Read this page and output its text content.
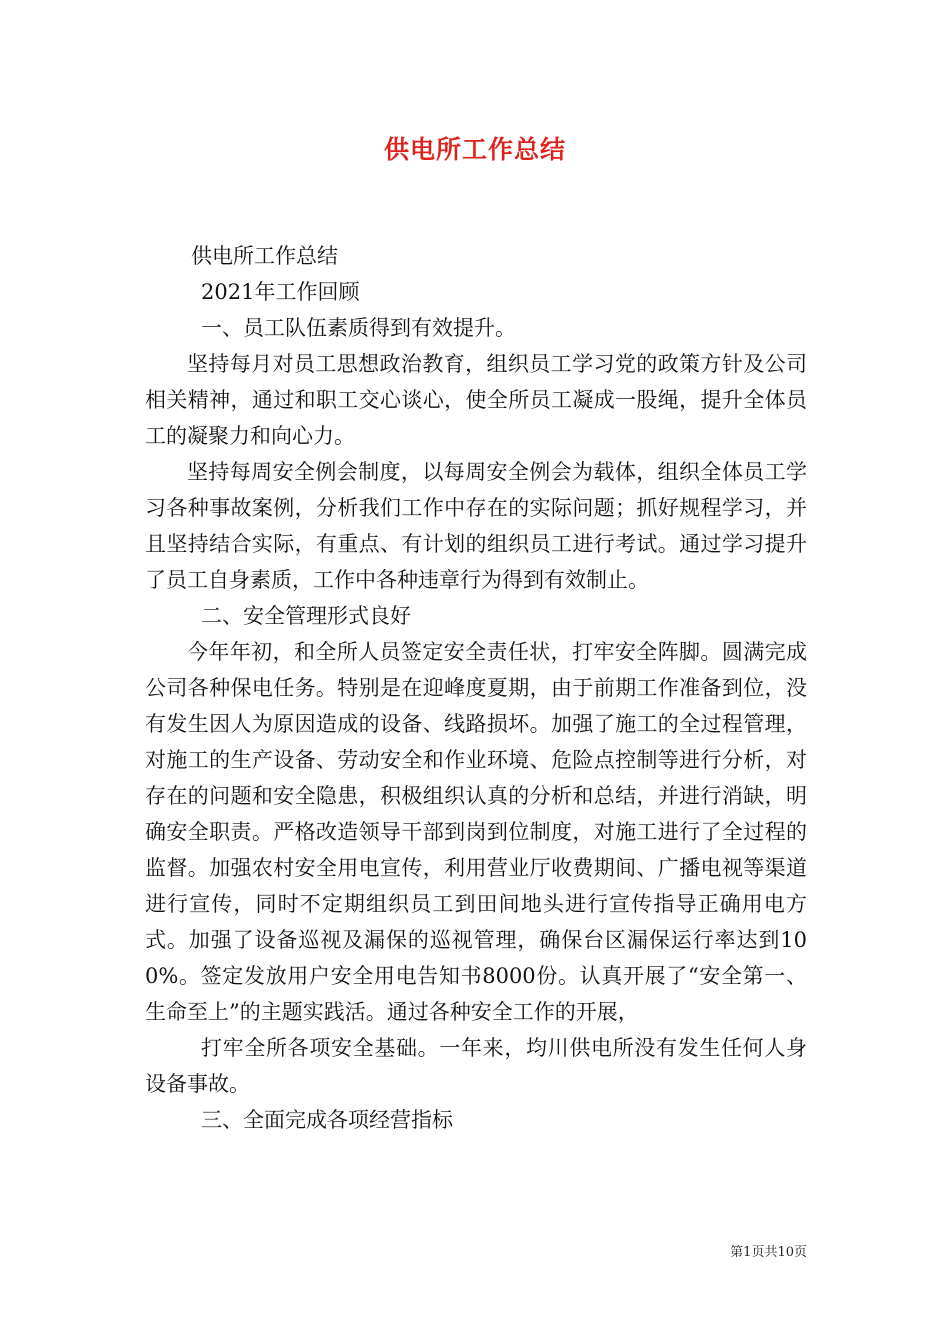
供电所工作总结

供电所工作总结

2021年工作回顾

一、员工队伍素质得到有效提升。

坚持每月对员工思想政治教育，组织员工学习党的政策方针及公司相关精神，通过和职工交心谈心，使全所员工凝成一股绳，提升全体员工的凝聚力和向心力。

坚持每周安全例会制度，以每周安全例会为载体，组织全体员工学习各种事故案例，分析我们工作中存在的实际问题；抓好规程学习，并且坚持结合实际，有重点、有计划的组织员工进行考试。通过学习提升了员工自身素质，工作中各种违章行为得到有效制止。

二、安全管理形式良好

今年年初，和全所人员签定安全责任状，打牢安全阵脚。圆满完成公司各种保电任务。特别是在迎峰度夏期，由于前期工作准备到位，没有发生因人为原因造成的设备、线路损坏。加强了施工的全过程管理，对施工的生产设备、劳动安全和作业环境、危险点控制等进行分析，对存在的问题和安全隐患，积极组织认真的分析和总结，并进行消缺，明确安全职责。严格改造领导干部到岗到位制度，对施工进行了全过程的监督。加强农村安全用电宣传，利用营业厅收费期间、广播电视等渠道进行宣传，同时不定期组织员工到田间地头进行宣传指导正确用电方式。加强了设备巡视及漏保的巡视管理，确保台区漏保运行率达到100%。签定发放用户安全用电告知书8000份。认真开展了“安全第一、生命至上”的主题实践活。通过各种安全工作的开展，

打牢全所各项安全基础。一年来，均川供电所没有发生任何人身设备事故。

三、全面完成各项经营指标

第1页共10页
